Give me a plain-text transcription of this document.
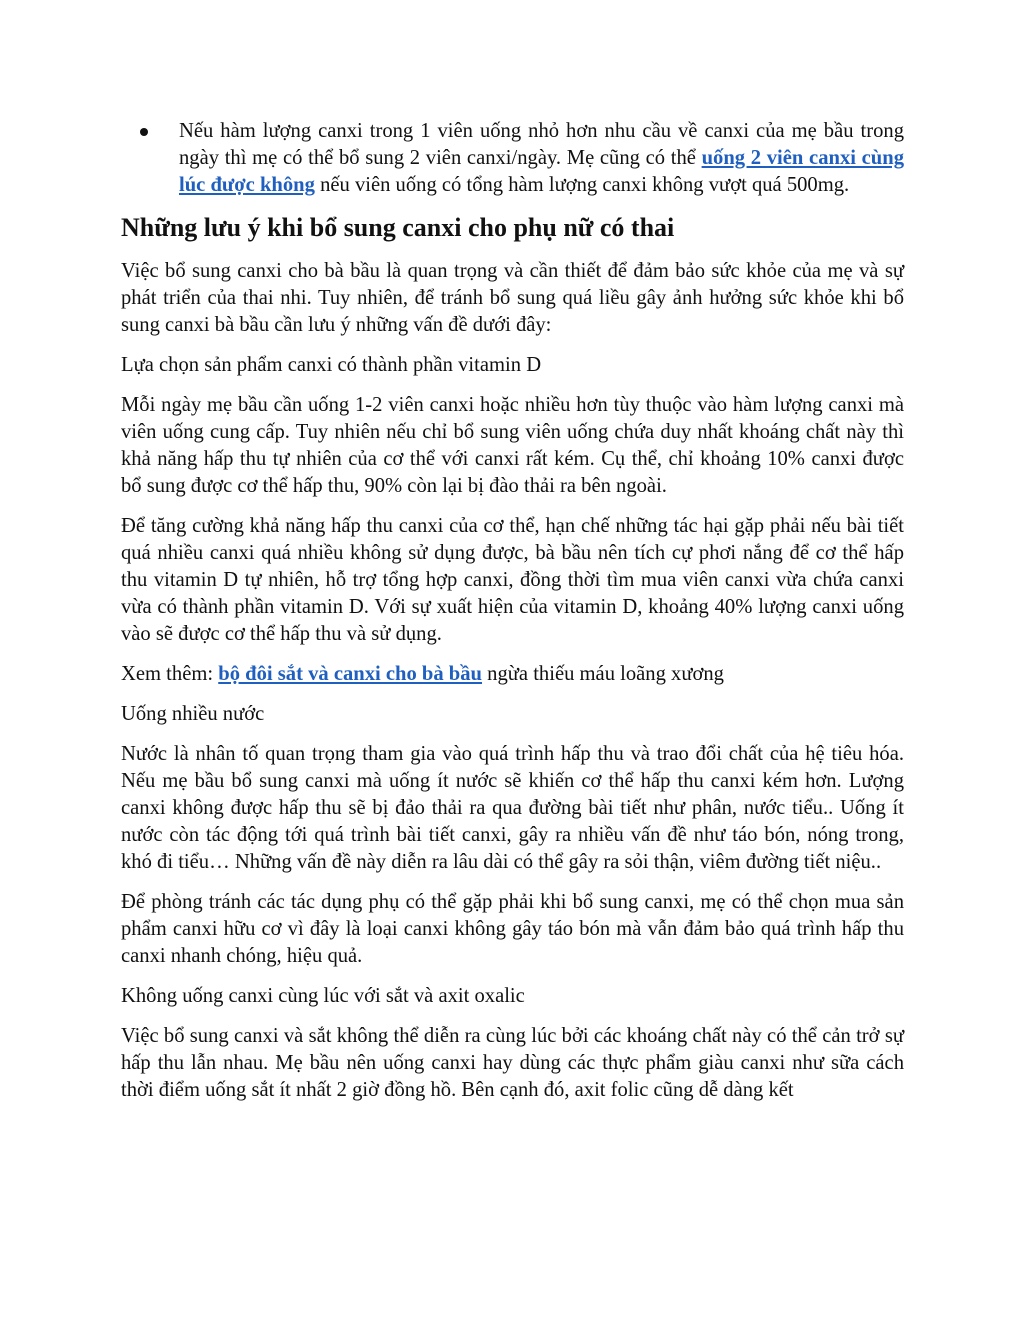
Nếu hàm lượng canxi trong 1 viên uống nhỏ hơn nhu cầu về canxi của mẹ bầu trong ngày thì mẹ có thể bổ sung 2 viên canxi/ngày. Mẹ cũng có thể uống 2 viên canxi cùng lúc được không nếu viên uống có tổng hàm lượng canxi không vượt quá 500mg.
Những lưu ý khi bổ sung canxi cho phụ nữ có thai

Việc bổ sung canxi cho bà bầu là quan trọng và cần thiết để đảm bảo sức khỏe của mẹ và sự phát triển của thai nhi. Tuy nhiên, để tránh bổ sung quá liều gây ảnh hưởng sức khỏe khi bổ sung canxi bà bầu cần lưu ý những vấn đề dưới đây:

Lựa chọn sản phẩm canxi có thành phần vitamin D

Mỗi ngày mẹ bầu cần uống 1-2 viên canxi hoặc nhiều hơn tùy thuộc vào hàm lượng canxi mà viên uống cung cấp. Tuy nhiên nếu chỉ bổ sung viên uống chứa duy nhất khoáng chất này thì khả năng hấp thu tự nhiên của cơ thể với canxi rất kém. Cụ thể, chỉ khoảng 10% canxi được bổ sung được cơ thể hấp thu, 90% còn lại bị đào thải ra bên ngoài.

Để tăng cường khả năng hấp thu canxi của cơ thể, hạn chế những tác hại gặp phải nếu bài tiết quá nhiều canxi quá nhiều không sử dụng được, bà bầu nên tích cự phơi nắng để cơ thể hấp thu vitamin D tự nhiên, hỗ trợ tổng hợp canxi, đồng thời tìm mua viên canxi vừa chứa canxi vừa có thành phần vitamin D. Với sự xuất hiện của vitamin D, khoảng 40% lượng canxi uống vào sẽ được cơ thể hấp thu và sử dụng.

Xem thêm: bộ đôi sắt và canxi cho bà bầu ngừa thiếu máu loãng xương

Uống nhiều nước

Nước là nhân tố quan trọng tham gia vào quá trình hấp thu và trao đổi chất của hệ tiêu hóa. Nếu mẹ bầu bổ sung canxi mà uống ít nước sẽ khiến cơ thể hấp thu canxi kém hơn. Lượng canxi không được hấp thu sẽ bị đảo thải ra qua đường bài tiết như phân, nước tiểu.. Uống ít nước còn tác động tới quá trình bài tiết canxi, gây ra nhiều vấn đề như táo bón, nóng trong, khó đi tiểu… Những vấn đề này diễn ra lâu dài có thể gây ra sỏi thận, viêm đường tiết niệu..

Để phòng tránh các tác dụng phụ có thể gặp phải khi bổ sung canxi, mẹ có thể chọn mua sản phẩm canxi hữu cơ vì đây là loại canxi không gây táo bón mà vẫn đảm bảo quá trình hấp thu canxi nhanh chóng, hiệu quả.

Không uống canxi cùng lúc với sắt và axit oxalic

Việc bổ sung canxi và sắt không thể diễn ra cùng lúc bởi các khoáng chất này có thể cản trở sự hấp thu lẫn nhau. Mẹ bầu nên uống canxi hay dùng các thực phẩm giàu canxi như sữa cách thời điểm uống sắt ít nhất 2 giờ đồng hồ. Bên cạnh đó, axit folic cũng dễ dàng kết
